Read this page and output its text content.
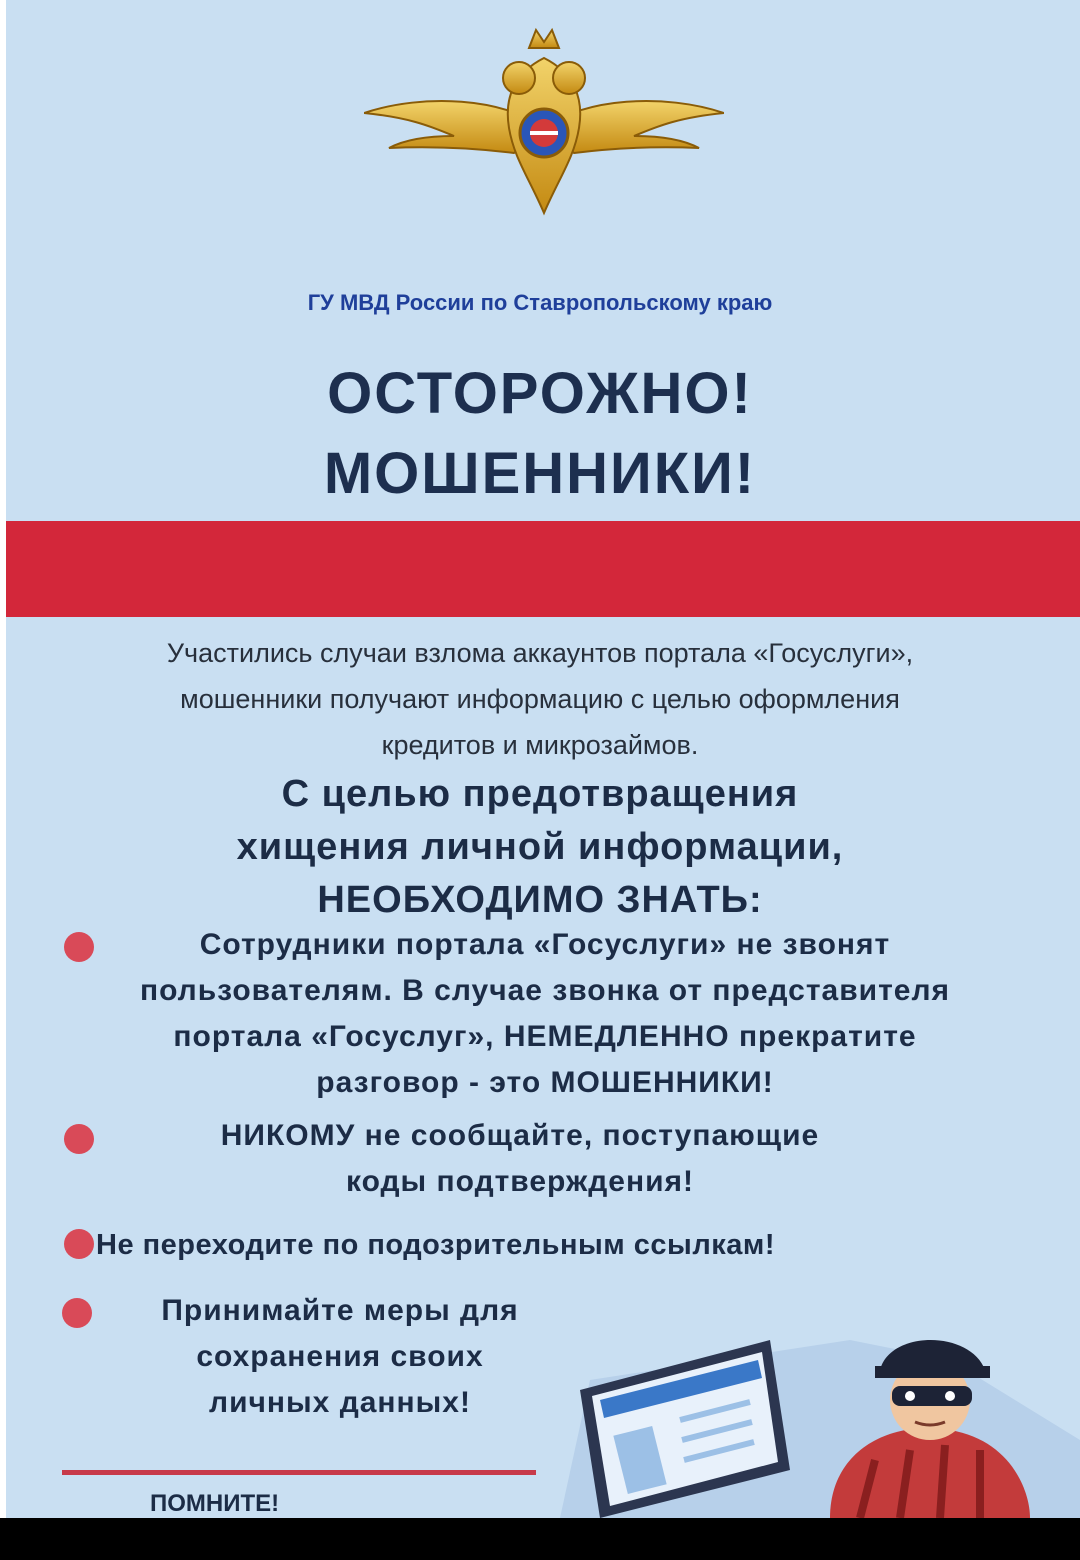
ГУ МВД России по Ставропольскому краю
ОСТОРОЖНО!
МОШЕННИКИ!
Участились случаи взлома аккаунтов портала «Госуслуги»,
мошенники получают информацию с целью оформления
кредитов и микрозаймов.
С целью предотвращения
хищения личной информации,
НЕОБХОДИМО ЗНАТЬ:
Сотрудники портала «Госуслуги» не звонят
пользователям. В случае звонка от представителя
портала «Госуслуг», НЕМЕДЛЕННО прекратите
разговор - это МОШЕННИКИ!
НИКОМУ не сообщайте, поступающие
коды подтверждения!
Не переходите по подозрительным ссылкам!
Принимайте меры для
сохранения своих
личных данных!
ПОМНИТЕ!
